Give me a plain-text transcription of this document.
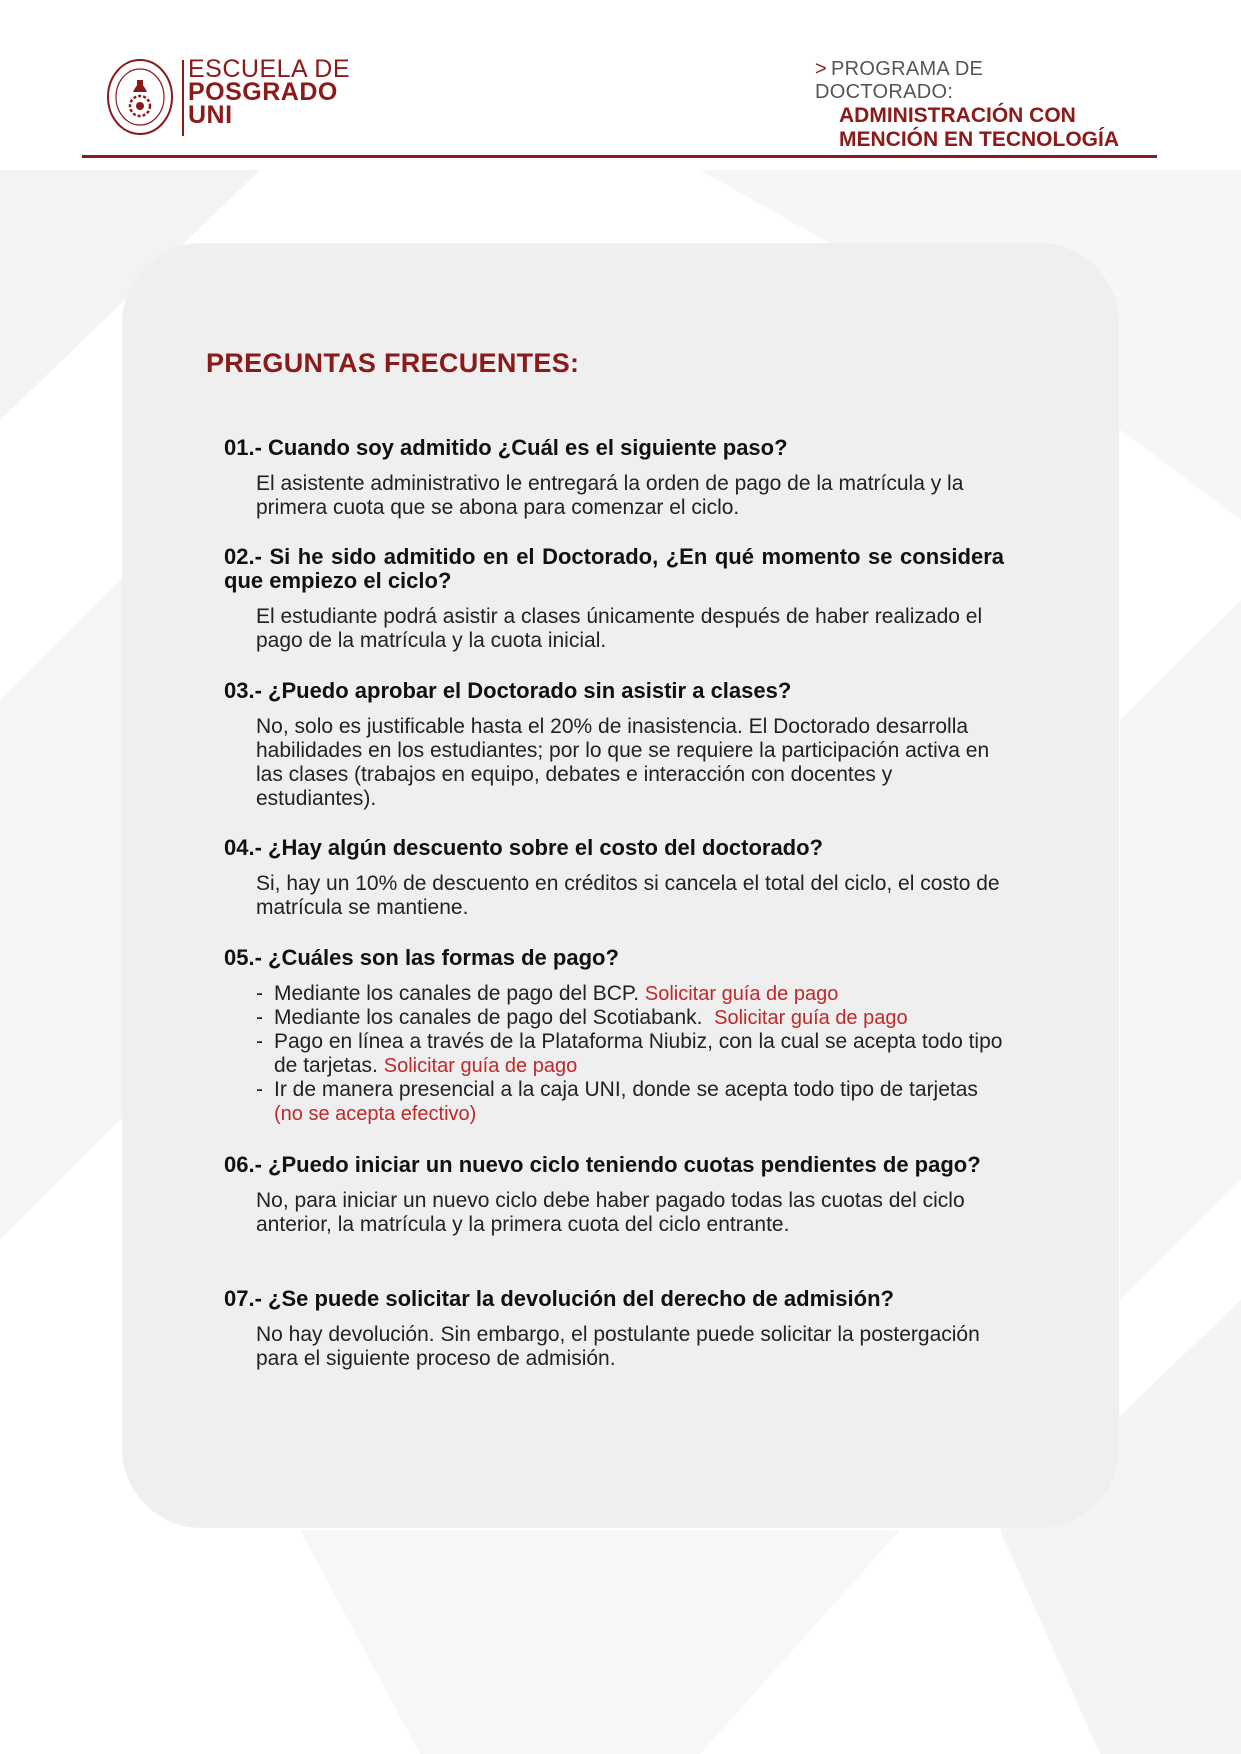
ESCUELA DE
POSGRADO
UNI
> PROGRAMA DE DOCTORADO:
ADMINISTRACIÓN CON
MENCIÓN EN TECNOLOGÍA
PREGUNTAS FRECUENTES:
01.- Cuando soy admitido ¿Cuál es el siguiente paso?
El asistente administrativo le entregará la orden de pago de la matrícula y la primera cuota que se abona para comenzar el ciclo.
02.- Si he sido admitido en el Doctorado, ¿En qué momento se considera que empiezo el ciclo?
El estudiante podrá asistir a clases únicamente después de haber realizado el pago de la matrícula y la cuota inicial.
03.- ¿Puedo aprobar el Doctorado sin asistir a clases?
No, solo es justificable hasta el 20% de inasistencia. El Doctorado desarrolla habilidades en los estudiantes; por lo que se requiere la participación activa en las clases (trabajos en equipo, debates e interacción con docentes y estudiantes).
04.- ¿Hay algún descuento sobre el costo del doctorado?
Si, hay un 10% de descuento en créditos si cancela el total del ciclo, el costo de matrícula se mantiene.
05.- ¿Cuáles son las formas de pago?
- Mediante los canales de pago del BCP. Solicitar guía de pago
- Mediante los canales de pago del Scotiabank. Solicitar guía de pago
- Pago en línea a través de la Plataforma Niubiz, con la cual se acepta todo tipo de tarjetas. Solicitar guía de pago
- Ir de manera presencial a la caja UNI, donde se acepta todo tipo de tarjetas (no se acepta efectivo)
06.- ¿Puedo iniciar un nuevo ciclo teniendo cuotas pendientes de pago?
No, para iniciar un nuevo ciclo debe haber pagado todas las cuotas del ciclo anterior, la matrícula y la primera cuota del ciclo entrante.
07.- ¿Se puede solicitar la devolución del derecho de admisión?
No hay devolución. Sin embargo, el postulante puede solicitar la postergación para el siguiente proceso de admisión.
